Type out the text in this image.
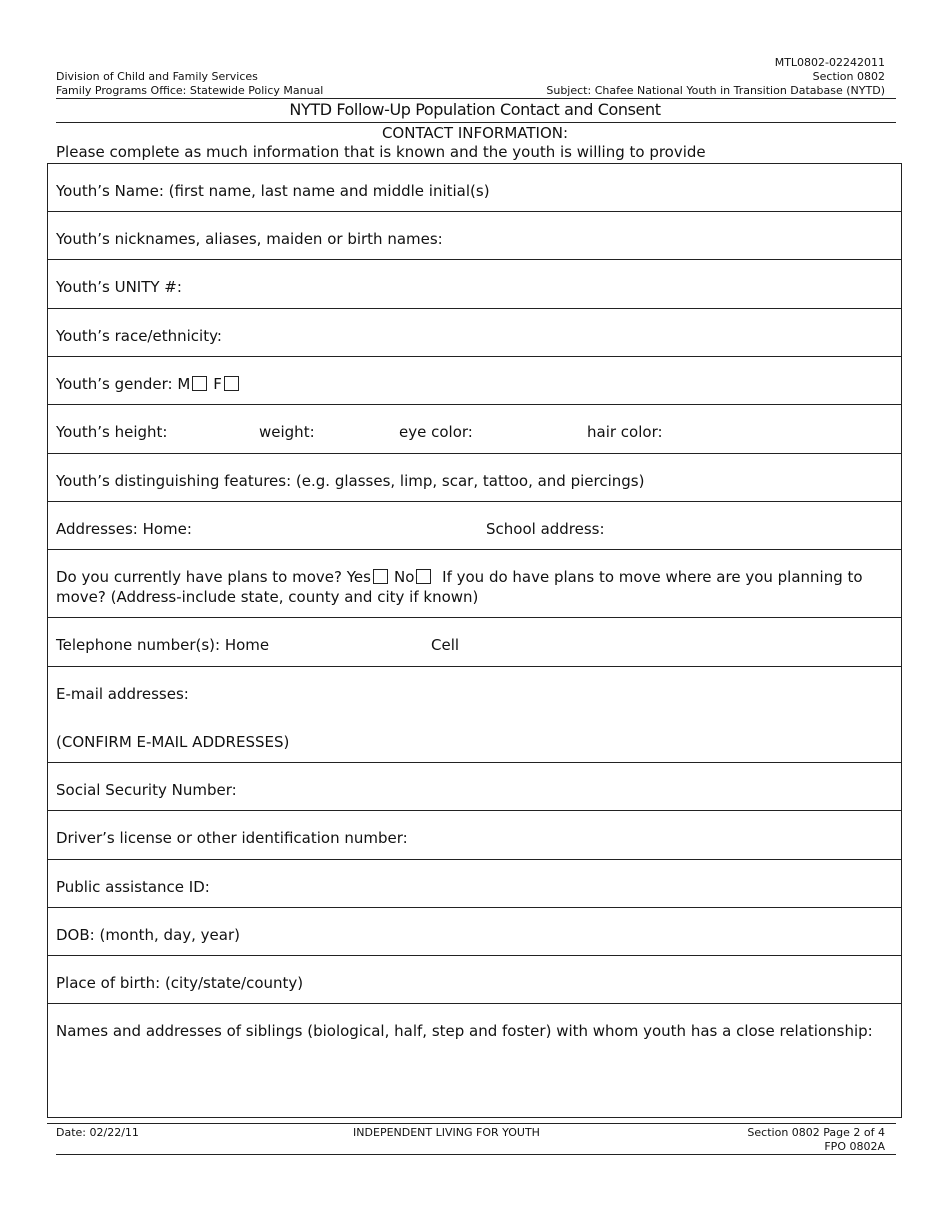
MTL0802-02242011
Section 0802
Division of Child and Family Services
Family Programs Office: Statewide Policy Manual	Subject: Chafee National Youth in Transition Database (NYTD)
NYTD Follow-Up Population Contact and Consent
CONTACT INFORMATION:
Please complete as much information that is known and the youth is willing to provide
Youth’s Name: (first name, last name and middle initial(s)
Youth’s nicknames, aliases, maiden or birth names:
Youth’s UNITY #:
Youth’s race/ethnicity:
Youth’s gender: M F
Youth’s height:	weight:	eye color:	hair color:
Youth’s distinguishing features: (e.g. glasses, limp, scar, tattoo, and piercings)
Addresses: Home:	School address:
Do you currently have plans to move? Yes No If you do have plans to move where are you planning to
move? (Address-include state, county and city if known)
Telephone number(s): Home	Cell
E-mail addresses:
(CONFIRM E-MAIL ADDRESSES)
Social Security Number:
Driver’s license or other identification number:
Public assistance ID:
DOB: (month, day, year)
Place of birth: (city/state/county)
Names and addresses of siblings (biological, half, step and foster) with whom youth has a close relationship:
Date: 02/22/11	INDEPENDENT LIVING FOR YOUTH	Section 0802 Page 2 of 4
FPO 0802A
